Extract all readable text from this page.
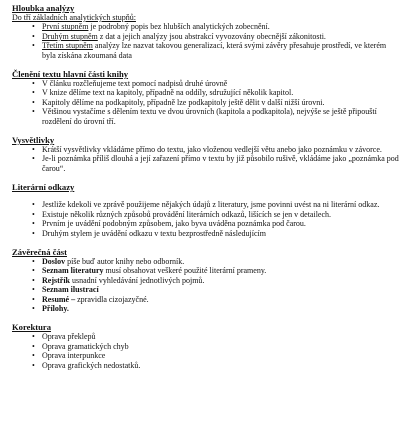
Hloubka analýzy
Do tří základních analytických stupňů:
• První stupněm je podrobný popis bez hlubších analytických zobecnění.
• Druhým stupněm z dat a jejich analýzy jsou abstrakcí vyvozovány obecnější zákonitosti.
• Třetím stupněm analýzy lze nazvat takovou generalizací, která svými závěry přesahuje prostředí, ve kterém byla získána zkoumaná data
Členění textu hlavní části knihy
• V článku rozčleňujeme text pomocí nadpisů druhé úrovně
• V knize dělíme text na kapitoly, případně na oddíly, sdružující několik kapitol.
• Kapitoly dělíme na podkapitoly, případně lze podkapitoly ještě dělit v další nižší úrovni.
• Většinou vystačíme s dělením textu ve dvou úrovních (kapitola a podkapitola), nejvýše se ještě připouští rozdělení do úrovní tří.
Vysvětlivky
• Krátší vysvětlivky vkládáme přímo do textu, jako vloženou vedlejší větu anebo jako poznámku v závorce.
• Je-li poznámka příliš dlouhá a její zařazení přímo v textu by již působilo rušivě, vkládáme jako „poznámka pod čarou“.
Literární odkazy
• Jestliže kdekoli ve zprávě použijeme nějakých údajů z literatury, jsme povinni uvést na ni literární odkaz.
• Existuje několik různých způsobů provádění literárních odkazů, lišících se jen v detailech.
• Prvním je uvádění podobným způsobem, jako byva uváděna poznámka pod čarou.
• Druhým stylem je uvádění odkazu v textu bezprostředně následujícím
Závěrečná část
• Doslov píše buď autor knihy nebo odborník.
• Seznam literatury musí obsahovat veškeré použité literární prameny.
• Rejstřík usnadní vyhledávání jednotlivých pojmů.
• Seznam ilustrací
• Resumé – zpravidla cizojazyčné.
• Přílohy.
Korektura
• Oprava překlepů
• Oprava gramatických chyb
• Oprava interpunkce
• Oprava grafických nedostatků.
